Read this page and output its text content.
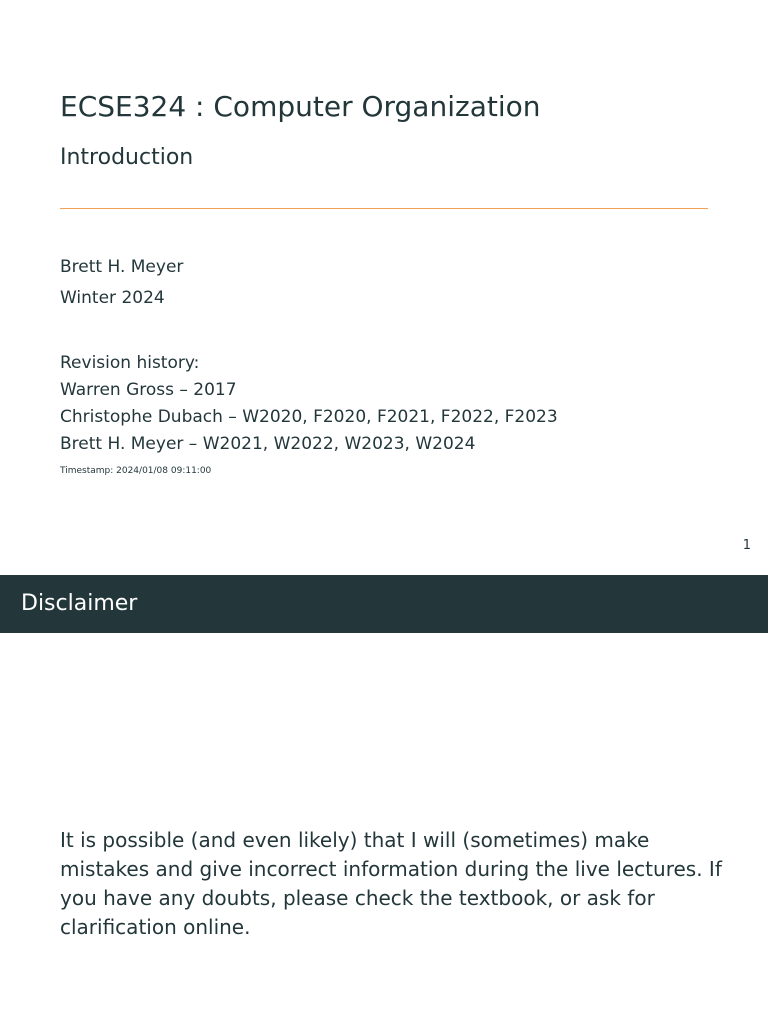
ECSE324 : Computer Organization
Introduction
Brett H. Meyer
Winter 2024
Revision history:
Warren Gross – 2017
Christophe Dubach – W2020, F2020, F2021, F2022, F2023
Brett H. Meyer – W2021, W2022, W2023, W2024
Timestamp: 2024/01/08 09:11:00
1
Disclaimer
It is possible (and even likely) that I will (sometimes) make mistakes and give incorrect information during the live lectures. If you have any doubts, please check the textbook, or ask for clarification online.
